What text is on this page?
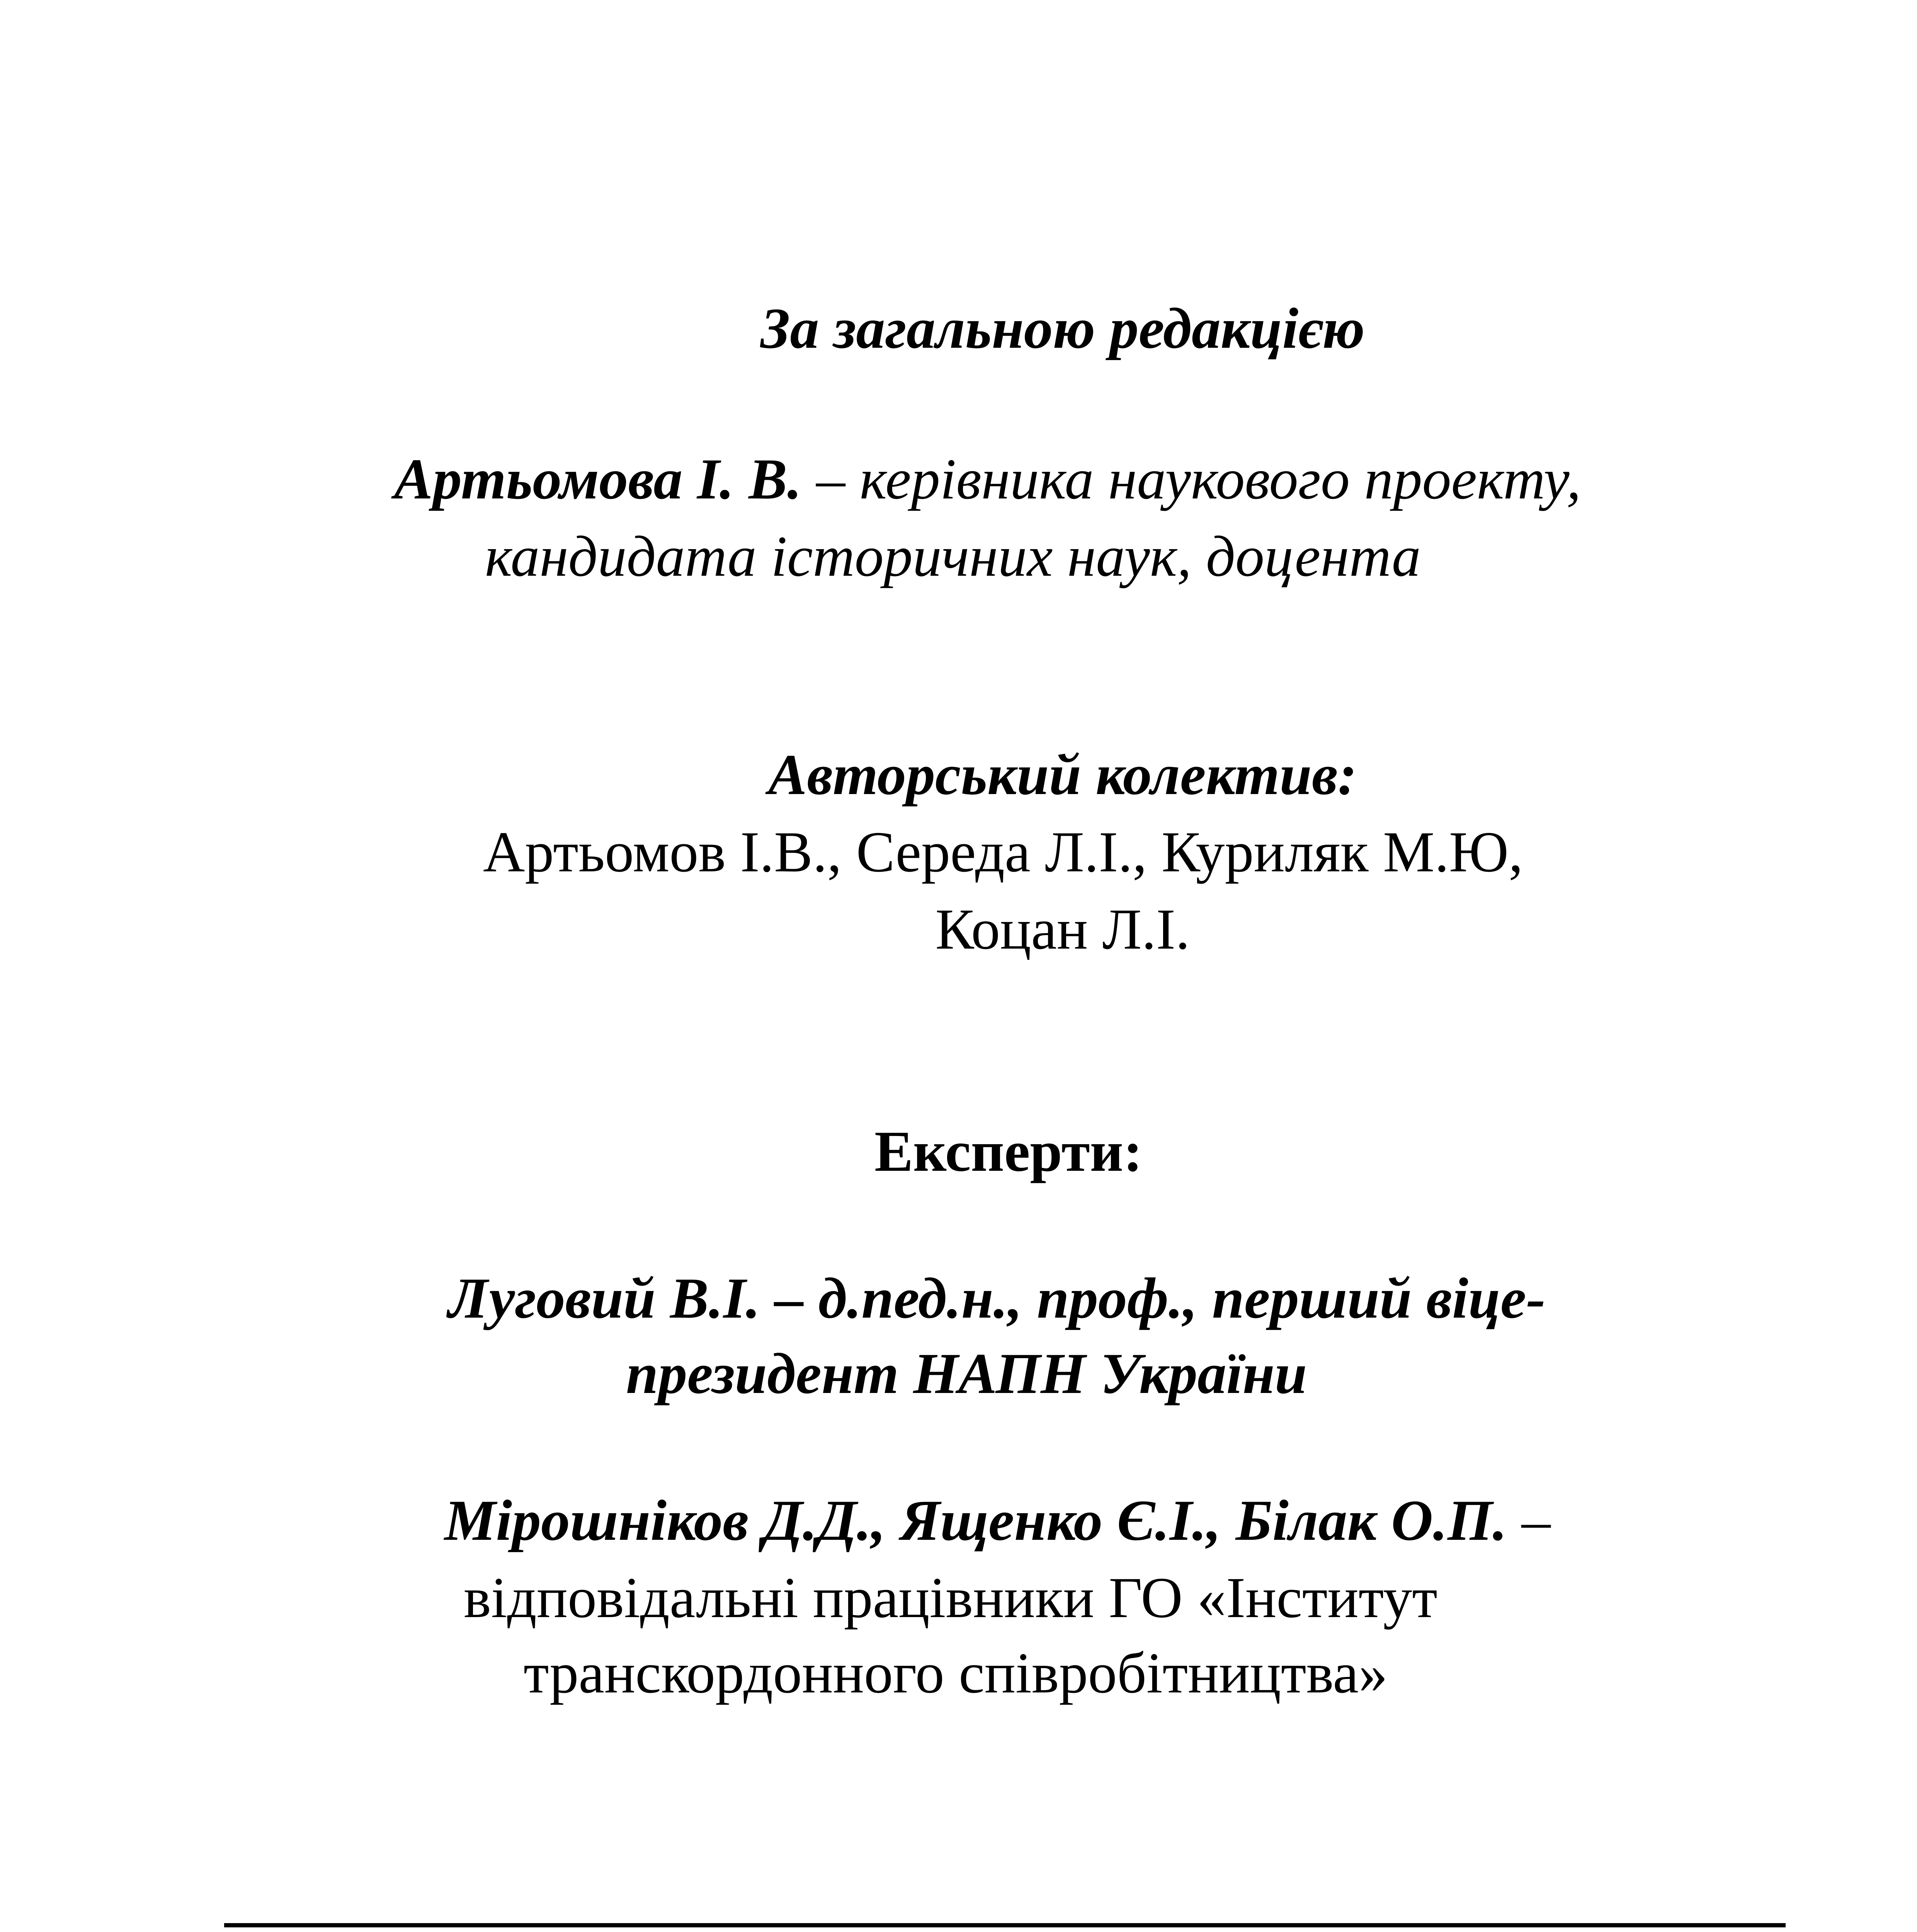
За загальною редакцією
Артьомова І. В. – керівника наукового проекту,
кандидата історичних наук, доцента
Авторський колектив:
Артьомов І.В., Середа Л.І., Куриляк М.Ю,
Коцан Л.І.
Експерти:
Луговий В.І. – д.пед.н., проф., перший віце-
президент НАПН України
Мірошніков Д.Д., Ященко Є.І., Білак О.П. –
відповідальні працівники ГО «Інститут
транскордонного співробітництва»
